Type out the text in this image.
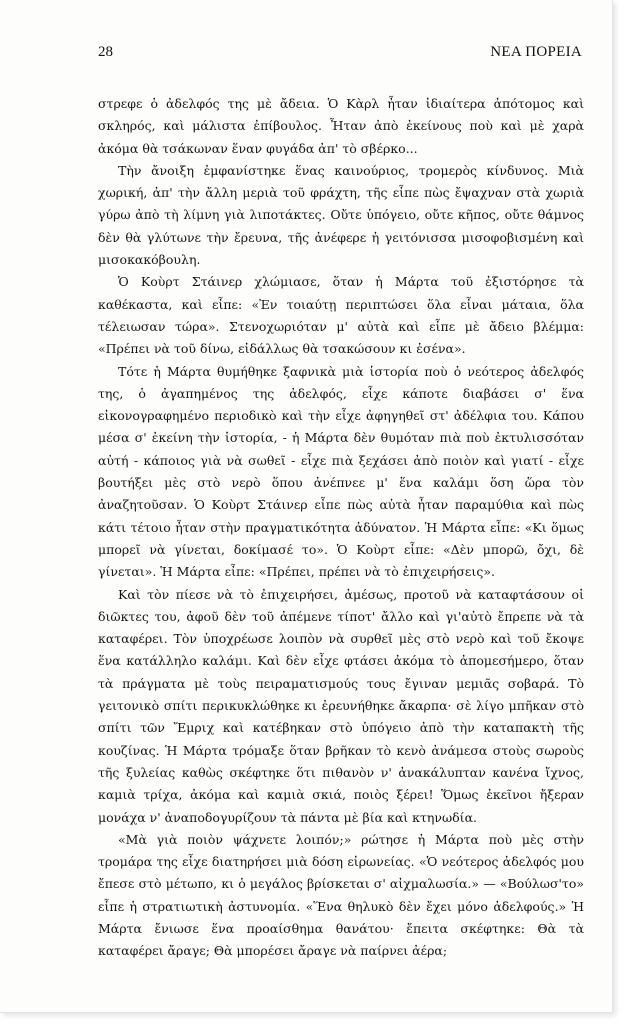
28	ΝΕΑ ΠΟΡΕΙΑ

στρεφε ὁ ἀδελφός της μὲ ἄδεια. Ὁ Κὰρλ ἦταν ἰδιαίτερα ἀπότομος καὶ σκληρός, καὶ μάλιστα ἐπίβουλος. Ἦταν ἀπὸ ἐκείνους ποὺ καὶ μὲ χαρὰ ἀκόμα θὰ τσάκωναν ἕναν φυγάδα ἀπ' τὸ σβέρκο...

Τὴν ἄνοιξη ἐμφανίστηκε ἕνας καινούριος, τρομερὸς κίνδυνος. Μιὰ χωρική, ἀπ' τὴν ἄλλη μεριὰ τοῦ φράχτη, τῆς εἶπε πὼς ἔψαχναν στὰ χωριὰ γύρω ἀπὸ τὴ λίμνη γιὰ λιποτάκτες. Οὔτε ὑπόγειο, οὔτε κῆπος, οὔτε θάμνος δὲν θὰ γλύτωνε τὴν ἔρευνα, τῆς ἀνέφερε ἡ γειτόνισσα μισοφοβισμένη καὶ μισοκακόβουλη.

Ὁ Κοὺρτ Στάινερ χλώμιασε, ὅταν ἡ Μάρτα τοῦ ἐξιστόρησε τὰ καθέκαστα, καὶ εἶπε: «Ἐν τοιαύτῃ περιπτώσει ὅλα εἶναι μάταια, ὅλα τέλειωσαν τώρα». Στενοχωριόταν μ' αὐτὰ καὶ εἶπε μὲ ἄδειο βλέμμα: «Πρέπει νὰ τοῦ δίνω, εἰδάλλως θὰ τσακώσουν κι ἐσένα».

Τότε ἡ Μάρτα θυμήθηκε ξαφνικὰ μιὰ ἱστορία ποὺ ὁ νεότερος ἀδελφός της, ὁ ἀγαπημένος της ἀδελφός, εἶχε κάποτε διαβάσει σ' ἕνα εἰκονογραφημένο περιοδικὸ καὶ τὴν εἶχε ἀφηγηθεῖ στ' ἀδέλφια του. Κάπου μέσα σ' ἐκείνη τὴν ἱστορία, - ἡ Μάρτα δὲν θυμόταν πιὰ ποὺ ἐκτυλισσόταν αὐτή - κάποιος γιὰ νὰ σωθεῖ - εἶχε πιὰ ξεχάσει ἀπὸ ποιὸν καὶ γιατί - εἶχε βουτήξει μὲς στὸ νερὸ ὅπου ἀνέπνεε μ' ἕνα καλάμι ὅση ὥρα τὸν ἀναζητοῦσαν. Ὁ Κοὺρτ Στάινερ εἶπε πὼς αὐτὰ ἦταν παραμύθια καὶ πὼς κάτι τέτοιο ἦταν στὴν πραγματικότητα ἀδύνατον. Ἡ Μάρτα εἶπε: «Κι ὅμως μπορεῖ νὰ γίνεται, δοκίμασέ το». Ὁ Κοὺρτ εἶπε: «Δὲν μπορῶ, ὄχι, δὲ γίνεται». Ἡ Μάρτα εἶπε: «Πρέπει, πρέπει νὰ τὸ ἐπιχειρήσεις».

Καὶ τὸν πίεσε νὰ τὸ ἐπιχειρήσει, ἀμέσως, προτοῦ νὰ καταφτάσουν οἱ διῶκτες του, ἀφοῦ δὲν τοῦ ἀπέμενε τίποτ' ἄλλο καὶ γι'αὐτὸ ἔπρεπε νὰ τὰ καταφέρει. Τὸν ὑποχρέωσε λοιπὸν νὰ συρθεῖ μὲς στὸ νερὸ καὶ τοῦ ἔκοψε ἕνα κατάλληλο καλάμι. Καὶ δὲν εἶχε φτάσει ἀκόμα τὸ ἀπομεσήμερο, ὅταν τὰ πράγματα μὲ τοὺς πειραματισμούς τους ἔγιναν μεμιᾶς σοβαρά. Τὸ γειτονικὸ σπίτι περικυκλώθηκε κι ἐρευνήθηκε ἄκαρπα· σὲ λίγο μπῆκαν στὸ σπίτι τῶν Ἔμριχ καὶ κατέβηκαν στὸ ὑπόγειο ἀπὸ τὴν καταπακτὴ τῆς κουζίνας. Ἡ Μάρτα τρόμαξε ὅταν βρῆκαν τὸ κενὸ ἀνάμεσα στοὺς σωροὺς τῆς ξυλείας καθὼς σκέφτηκε ὅτι πιθανὸν ν' ἀνακάλυπταν κανένα ἴχνος, καμιὰ τρίχα, ἀκόμα καὶ καμιὰ σκιά, ποιὸς ξέρει! Ὅμως ἐκεῖνοι ἤξεραν μονάχα ν' ἀναποδογυρίζουν τὰ πάντα μὲ βία καὶ κτηνωδία.

«Μὰ γιὰ ποιὸν ψάχνετε λοιπόν;» ρώτησε ἡ Μάρτα ποὺ μὲς στὴν τρομάρα της εἶχε διατηρήσει μιὰ δόση εἰρωνείας. «Ὁ νεότερος ἀδελφός μου ἔπεσε στὸ μέτωπο, κι ὁ μεγάλος βρίσκεται σ' αἰχμαλωσία.» — «Βούλωσ'το» εἶπε ἡ στρατιωτικὴ ἀστυνομία. «Ἕνα θηλυκὸ δὲν ἔχει μόνο ἀδελφούς.» Ἡ Μάρτα ἔνιωσε ἕνα προαίσθημα θανάτου· ἔπειτα σκέφτηκε: Θὰ τὰ καταφέρει ἄραγε; Θὰ μπορέσει ἄραγε νὰ παίρνει ἀέρα;
